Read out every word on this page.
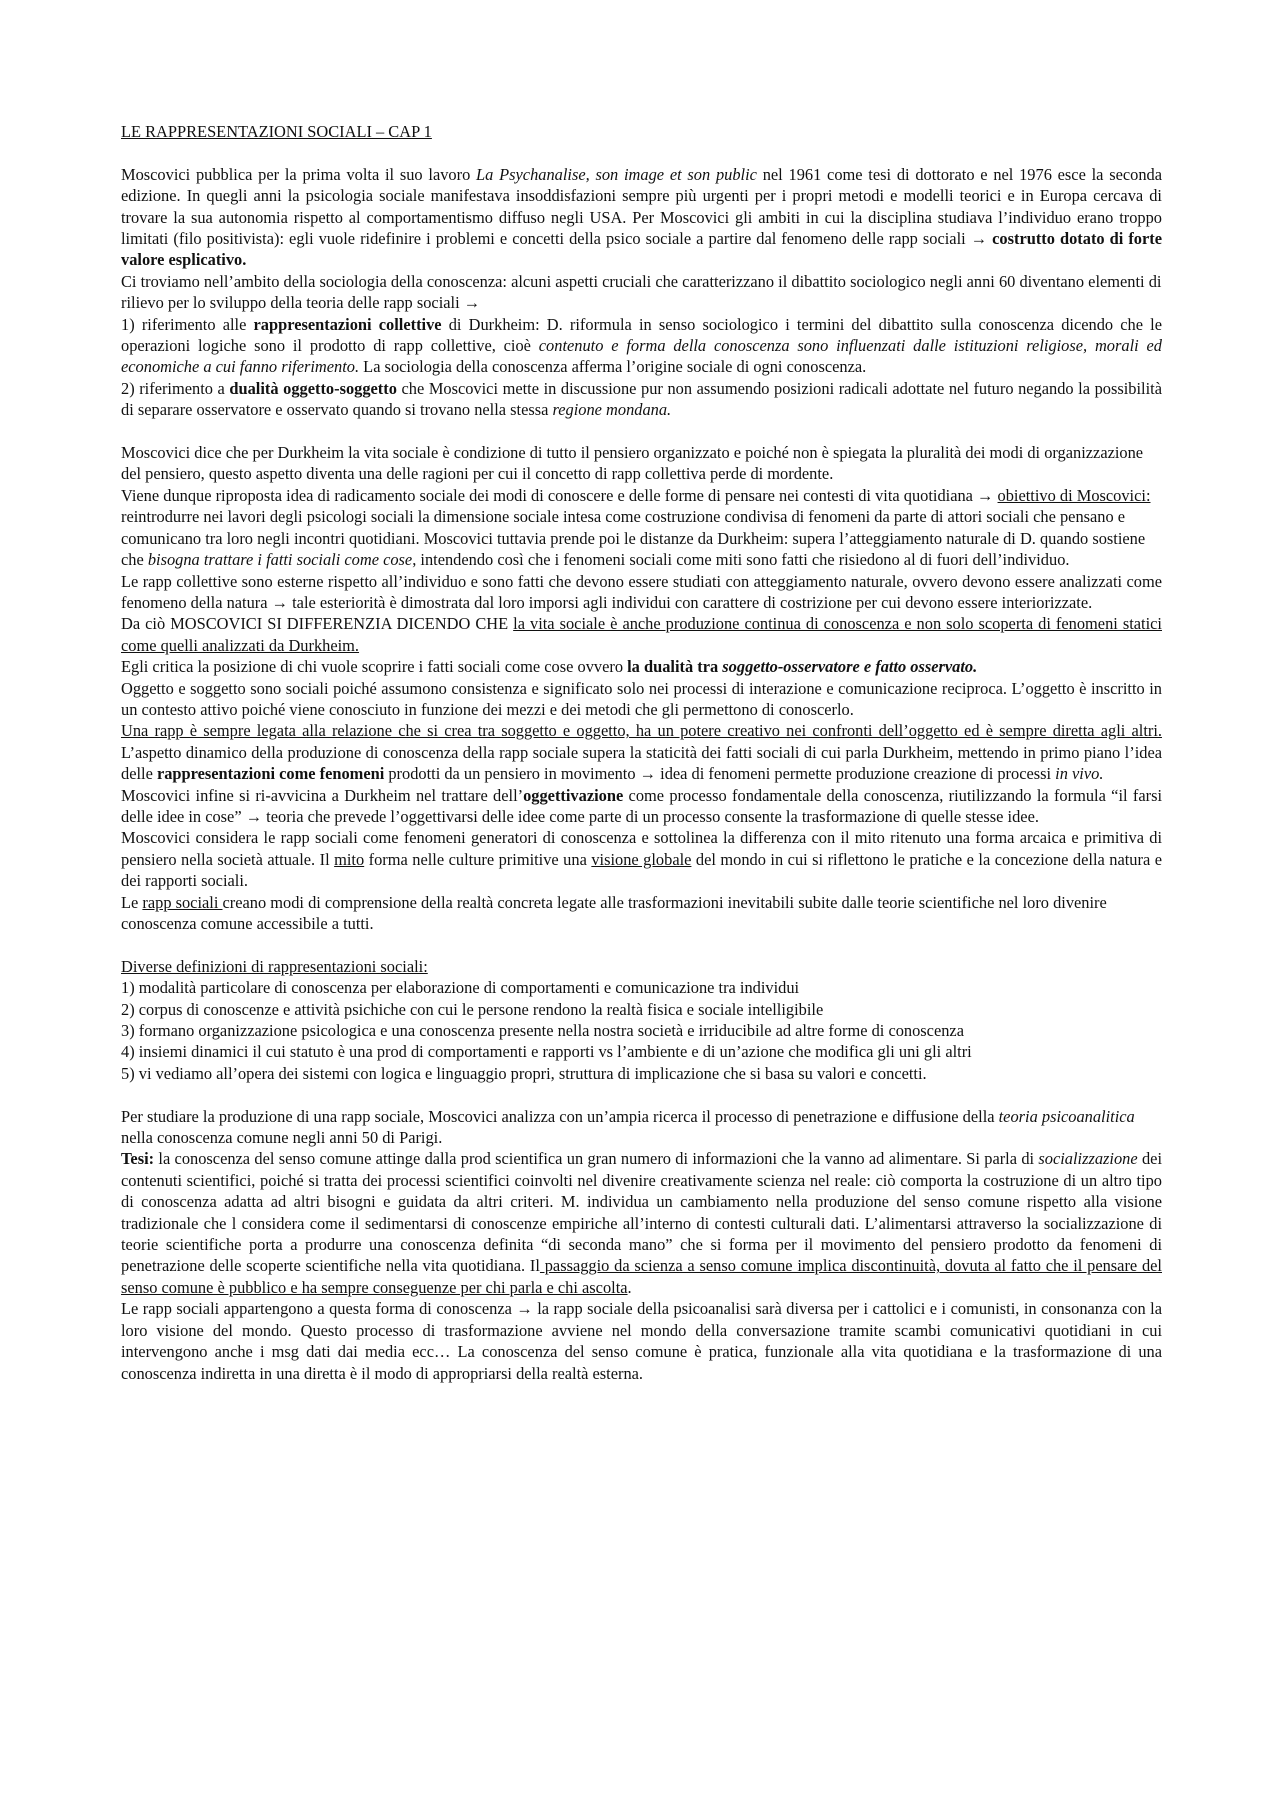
LE RAPPRESENTAZIONI SOCIALI – CAP 1

Moscovici pubblica per la prima volta il suo lavoro La Psychanalise, son image et son public nel 1961 come tesi di dottorato e nel 1976 esce la seconda edizione. In quegli anni la psicologia sociale manifestava insoddisfazioni sempre più urgenti per i propri metodi e modelli teorici e in Europa cercava di trovare la sua autonomia rispetto al comportamentismo diffuso negli USA. Per Moscovici gli ambiti in cui la disciplina studiava l’individuo erano troppo limitati (filo positivista): egli vuole ridefinire i problemi e concetti della psico sociale a partire dal fenomeno delle rapp sociali → costrutto dotato di forte valore esplicativo.

Ci troviamo nell’ambito della sociologia della conoscenza: alcuni aspetti cruciali che caratterizzano il dibattito sociologico negli anni 60 diventano elementi di rilievo per lo sviluppo della teoria delle rapp sociali →

1) riferimento alle rappresentazioni collettive di Durkheim: D. riformula in senso sociologico i termini del dibattito sulla conoscenza dicendo che le operazioni logiche sono il prodotto di rapp collettive, cioè contenuto e forma della conoscenza sono influenzati dalle istituzioni religiose, morali ed economiche a cui fanno riferimento. La sociologia della conoscenza afferma l’origine sociale di ogni conoscenza.

2) riferimento a dualità oggetto-soggetto che Moscovici mette in discussione pur non assumendo posizioni radicali adottate nel futuro negando la possibilità di separare osservatore e osservato quando si trovano nella stessa regione mondana.

Moscovici dice che per Durkheim la vita sociale è condizione di tutto il pensiero organizzato e poiché non è spiegata la pluralità dei modi di organizzazione del pensiero, questo aspetto diventa una delle ragioni per cui il concetto di rapp collettiva perde di mordente.

Viene dunque riproposta idea di radicamento sociale dei modi di conoscere e delle forme di pensare nei contesti di vita quotidiana → obiettivo di Moscovici:

reintrodurre nei lavori degli psicologi sociali la dimensione sociale intesa come costruzione condivisa di fenomeni da parte di attori sociali che pensano e comunicano tra loro negli incontri quotidiani. Moscovici tuttavia prende poi le distanze da Durkheim: supera l’atteggiamento naturale di D. quando sostiene che bisogna trattare i fatti sociali come cose, intendendo così che i fenomeni sociali come miti sono fatti che risiedono al di fuori dell’individuo.

Le rapp collettive sono esterne rispetto all’individuo e sono fatti che devono essere studiati con atteggiamento naturale, ovvero devono essere analizzati come fenomeno della natura → tale esteriorità è dimostrata dal loro imporsi agli individui con carattere di costrizione per cui devono essere interiorizzate.

Da ciò MOSCOVICI SI DIFFERENZIA DICENDO CHE la vita sociale è anche produzione continua di conoscenza e non solo scoperta di fenomeni statici come quelli analizzati da Durkheim.

Egli critica la posizione di chi vuole scoprire i fatti sociali come cose ovvero la dualità tra soggetto-osservatore e fatto osservato.

Oggetto e soggetto sono sociali poiché assumono consistenza e significato solo nei processi di interazione e comunicazione reciproca. L’oggetto è inscritto in un contesto attivo poiché viene conosciuto in funzione dei mezzi e dei metodi che gli permettono di conoscerlo.

Una rapp è sempre legata alla relazione che si crea tra soggetto e oggetto, ha un potere creativo nei confronti dell’oggetto ed è sempre diretta agli altri. L’aspetto dinamico della produzione di conoscenza della rapp sociale supera la staticità dei fatti sociali di cui parla Durkheim, mettendo in primo piano l’idea delle rappresentazioni come fenomeni prodotti da un pensiero in movimento → idea di fenomeni permette produzione creazione di processi in vivo.

Moscovici infine si ri-avvicina a Durkheim nel trattare dell’oggettivazione come processo fondamentale della conoscenza, riutilizzando la formula “il farsi delle idee in cose” → teoria che prevede l’oggettivarsi delle idee come parte di un processo consente la trasformazione di quelle stesse idee.

Moscovici considera le rapp sociali come fenomeni generatori di conoscenza e sottolinea la differenza con il mito ritenuto una forma arcaica e primitiva di pensiero nella società attuale. Il mito forma nelle culture primitive una visione globale del mondo in cui si riflettono le pratiche e la concezione della natura e dei rapporti sociali.

Le rapp sociali creano modi di comprensione della realtà concreta legate alle trasformazioni inevitabili subite dalle teorie scientifiche nel loro divenire conoscenza comune accessibile a tutti.

Diverse definizioni di rappresentazioni sociali:

1) modalità particolare di conoscenza per elaborazione di comportamenti e comunicazione tra individui
2) corpus di conoscenze e attività psichiche con cui le persone rendono la realtà fisica e sociale intelligibile
3) formano organizzazione psicologica e una conoscenza presente nella nostra società e irriducibile ad altre forme di conoscenza
4) insiemi dinamici il cui statuto è una prod di comportamenti e rapporti vs l’ambiente e di un’azione che modifica gli uni gli altri
5) vi vediamo all’opera dei sistemi con logica e linguaggio propri, struttura di implicazione che si basa su valori e concetti.

Per studiare la produzione di una rapp sociale, Moscovici analizza con un’ampia ricerca il processo di penetrazione e diffusione della teoria psicoanalitica nella conoscenza comune negli anni 50 di Parigi.

Tesi: la conoscenza del senso comune attinge dalla prod scientifica un gran numero di informazioni che la vanno ad alimentare. Si parla di socializzazione dei contenuti scientifici, poiché si tratta dei processi scientifici coinvolti nel divenire creativamente scienza nel reale: ciò comporta la costruzione di un altro tipo di conoscenza adatta ad altri bisogni e guidata da altri criteri. M. individua un cambiamento nella produzione del senso comune rispetto alla visione tradizionale che l considera come il sedimentarsi di conoscenze empiriche all’interno di contesti culturali dati. L’alimentarsi attraverso la socializzazione di teorie scientifiche porta a produrre una conoscenza definita “di seconda mano” che si forma per il movimento del pensiero prodotto da fenomeni di penetrazione delle scoperte scientifiche nella vita quotidiana. Il passaggio da scienza a senso comune implica discontinuità, dovuta al fatto che il pensare del senso comune è pubblico e ha sempre conseguenze per chi parla e chi ascolta.

Le rapp sociali appartengono a questa forma di conoscenza → la rapp sociale della psicoanalisi sarà diversa per i cattolici e i comunisti, in consonanza con la loro visione del mondo. Questo processo di trasformazione avviene nel mondo della conversazione tramite scambi comunicativi quotidiani in cui intervengono anche i msg dati dai media ecc… La conoscenza del senso comune è pratica, funzionale alla vita quotidiana e la trasformazione di una conoscenza indiretta in una diretta è il modo di appropriarsi della realtà esterna.
